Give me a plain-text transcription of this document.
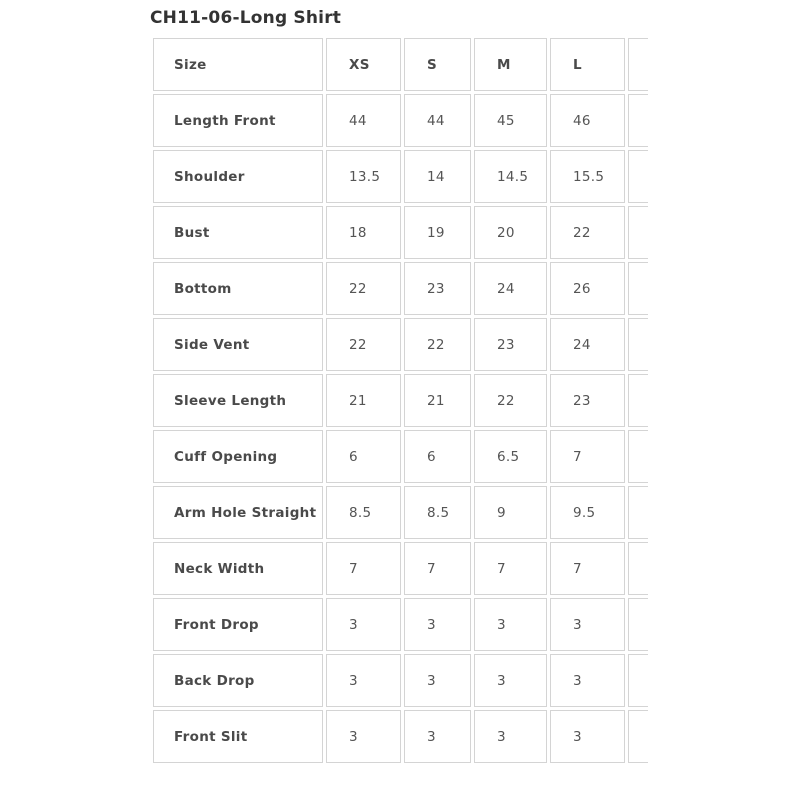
CH11-06-Long Shirt
Size	XS	S	M	L	
Length Front	44	44	45	46	
Shoulder	13.5	14	14.5	15.5	
Bust	18	19	20	22	
Bottom	22	23	24	26	
Side Vent	22	22	23	24	
Sleeve Length	21	21	22	23	
Cuff Opening	6	6	6.5	7	
Arm Hole Straight	8.5	8.5	9	9.5	
Neck Width	7	7	7	7	
Front Drop	3	3	3	3	
Back Drop	3	3	3	3	
Front Slit	3	3	3	3	
